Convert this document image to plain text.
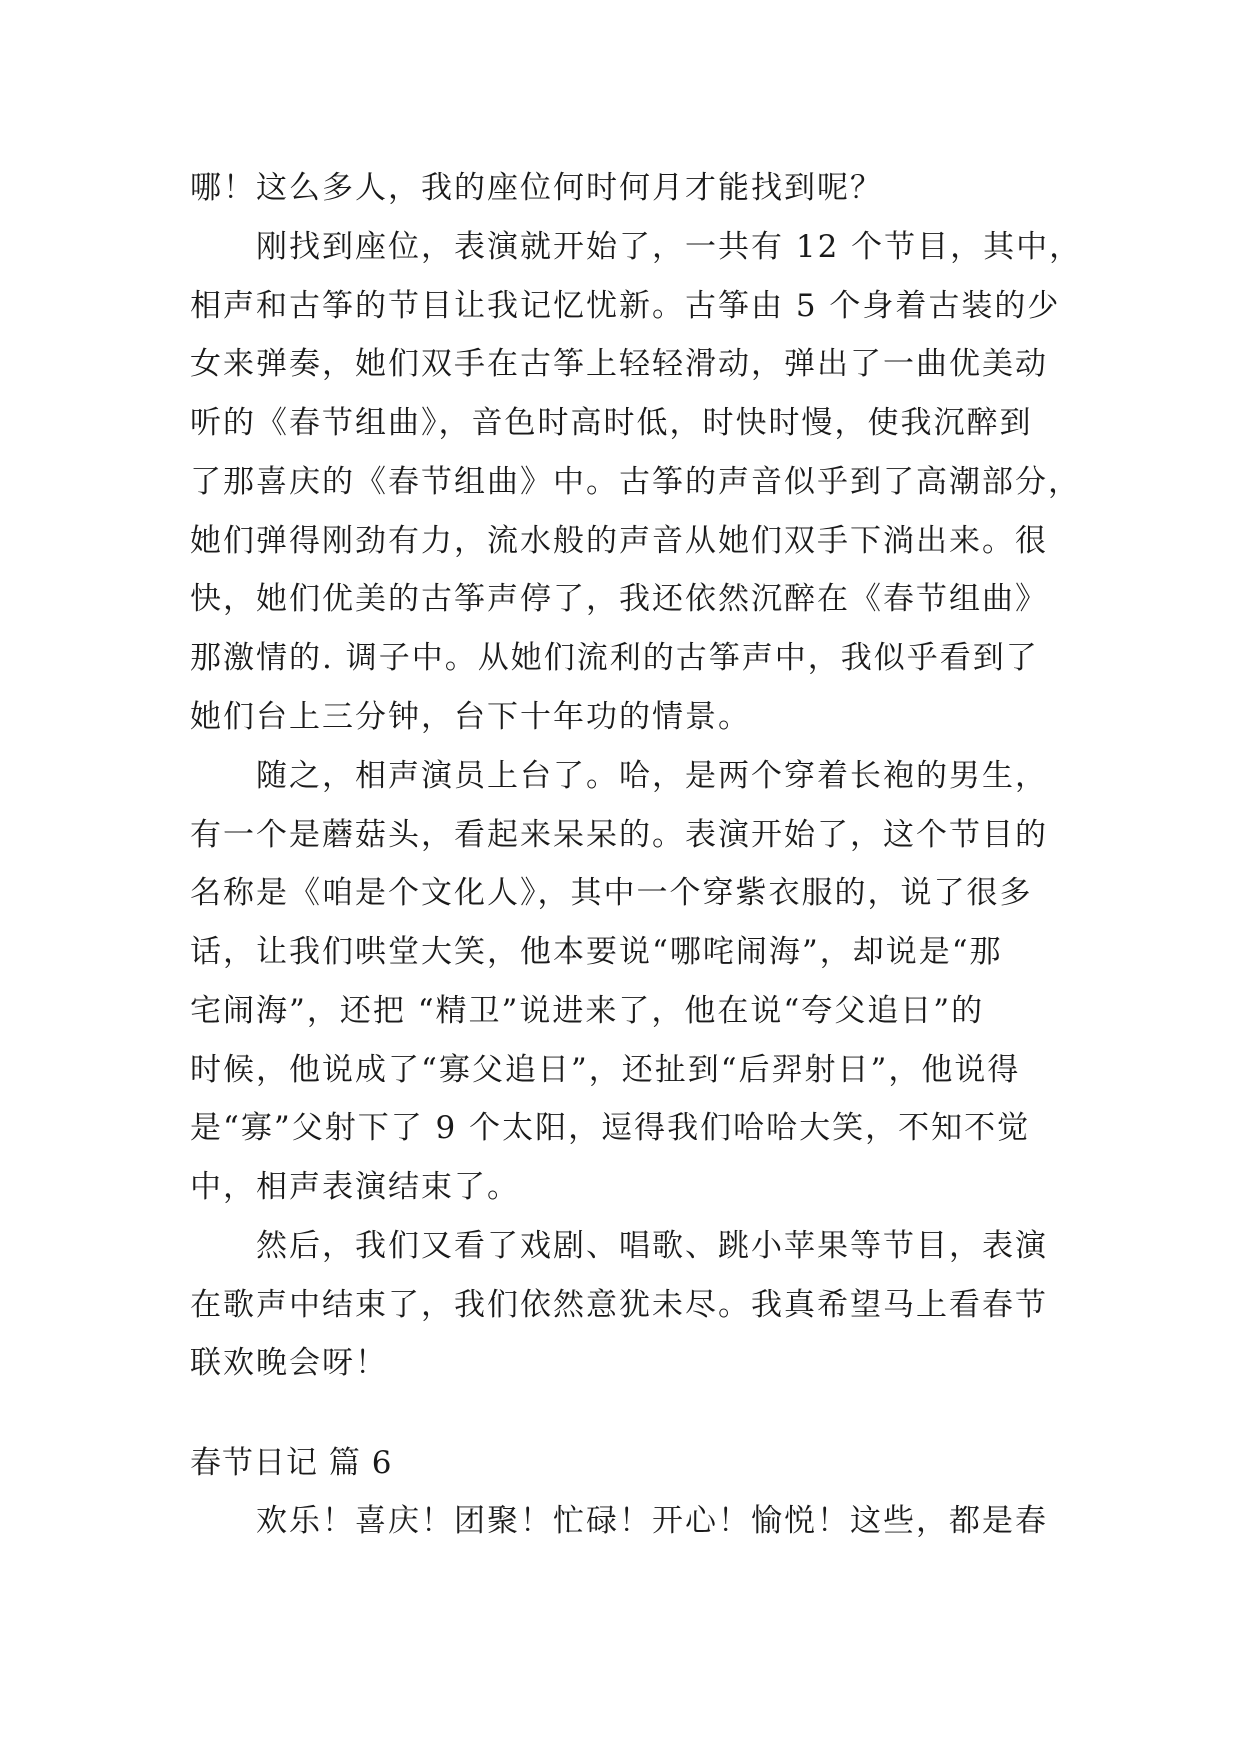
哪！这么多人，我的座位何时何月才能找到呢？
刚找到座位，表演就开始了，一共有 12 个节目，其中，
相声和古筝的节目让我记忆忧新。古筝由 5 个身着古装的少
女来弹奏，她们双手在古筝上轻轻滑动，弹出了一曲优美动
听的《春节组曲》，音色时高时低，时快时慢，使我沉醉到
了那喜庆的《春节组曲》中。古筝的声音似乎到了高潮部分，
她们弹得刚劲有力，流水般的声音从她们双手下淌出来。很
快，她们优美的古筝声停了，我还依然沉醉在《春节组曲》
那激情的. 调子中。从她们流利的古筝声中，我似乎看到了
她们台上三分钟，台下十年功的情景。
随之，相声演员上台了。哈，是两个穿着长袍的男生，
有一个是蘑菇头，看起来呆呆的。表演开始了，这个节目的
名称是《咱是个文化人》，其中一个穿紫衣服的，说了很多
话，让我们哄堂大笑，他本要说“哪咤闹海”，却说是“那
宅闹海”，还把 “精卫”说进来了，他在说“夸父追日”的
时候，他说成了“寡父追日”，还扯到“后羿射日”，他说得
是“寡”父射下了 9 个太阳，逗得我们哈哈大笑，不知不觉
中，相声表演结束了。
然后，我们又看了戏剧、唱歌、跳小苹果等节目，表演
在歌声中结束了，我们依然意犹未尽。我真希望马上看春节
联欢晚会呀！
春节日记 篇 6
欢乐！喜庆！团聚！忙碌！开心！愉悦！这些，都是春
